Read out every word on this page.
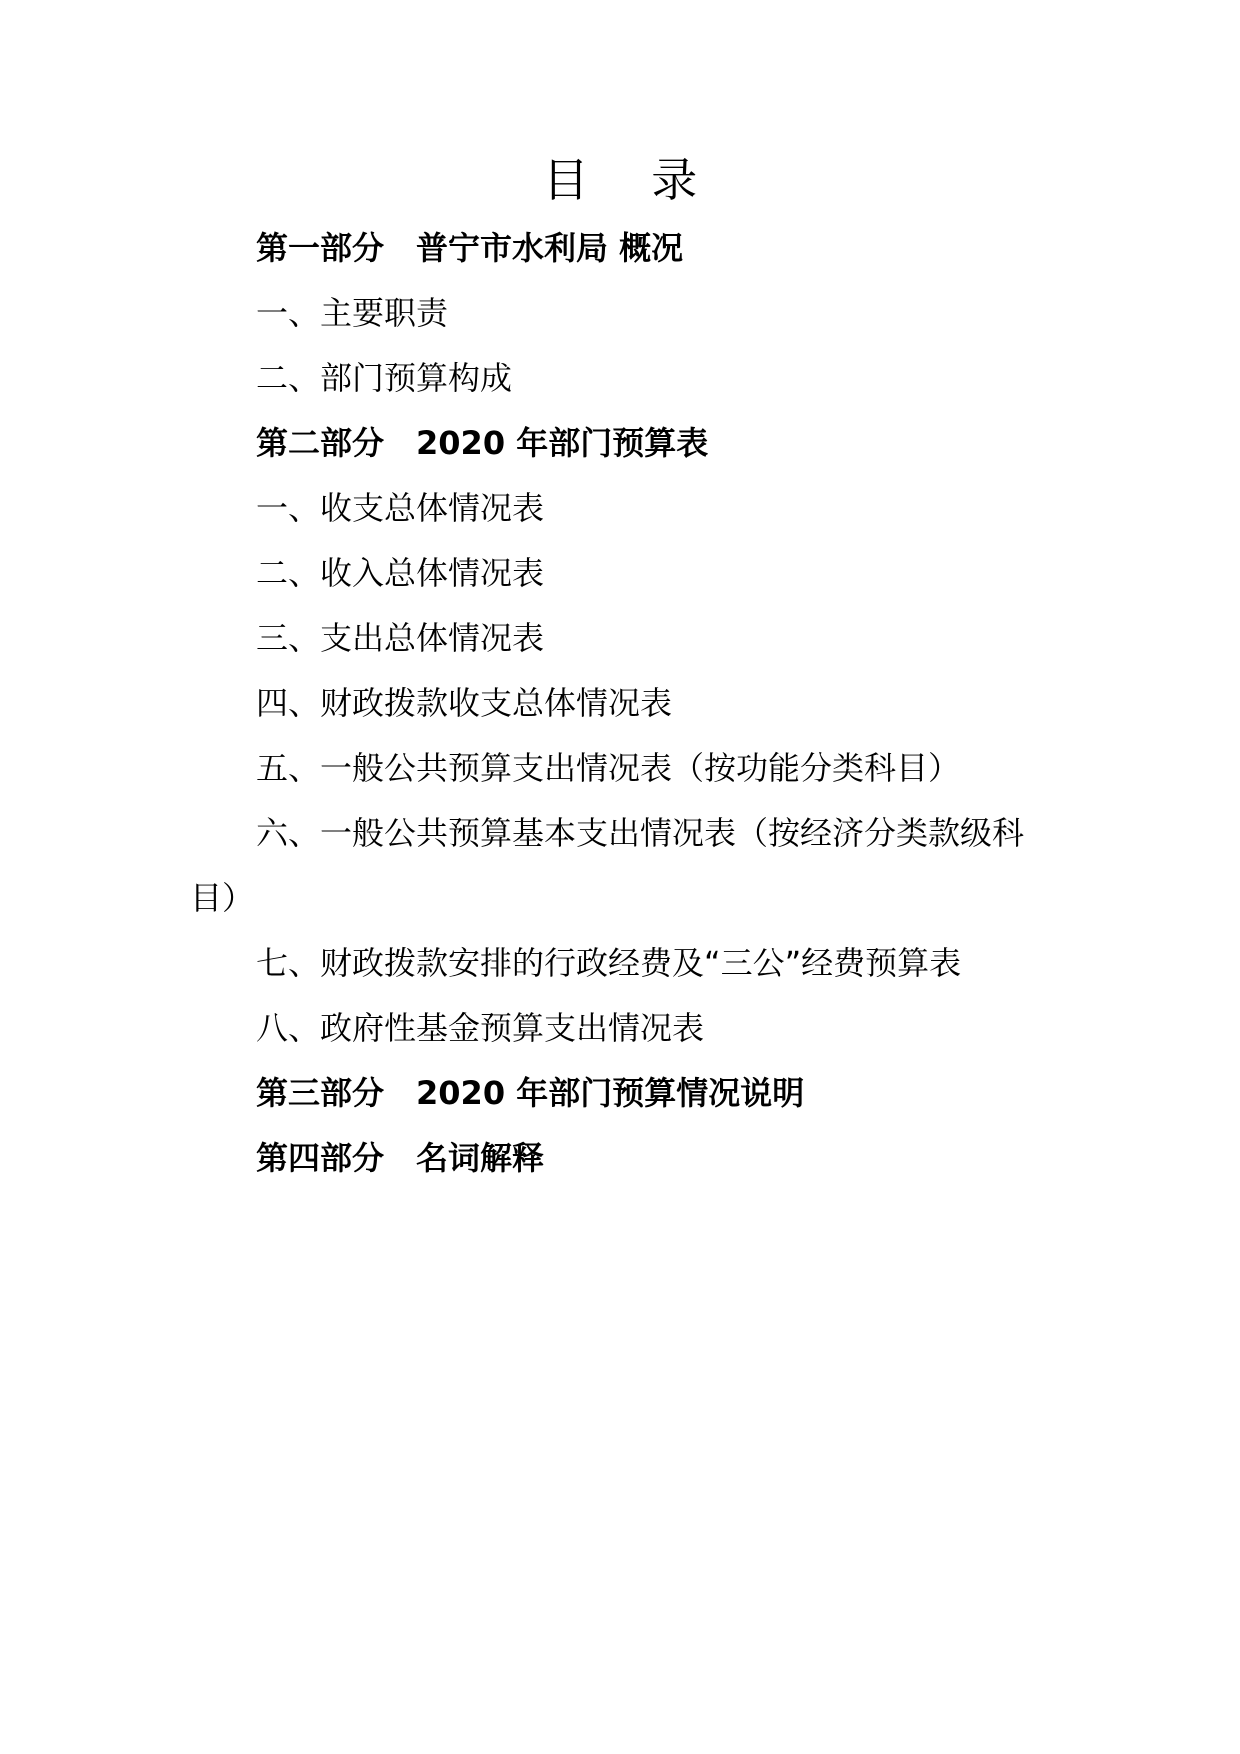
目 录
第一部分 普宁市水利局 概况
一、主要职责
二、部门预算构成
第二部分 2020 年部门预算表
一、收支总体情况表
二、收入总体情况表
三、支出总体情况表
四、财政拨款收支总体情况表
五、一般公共预算支出情况表（按功能分类科目）
六、一般公共预算基本支出情况表（按经济分类款级科
目）
七、财政拨款安排的行政经费及“三公”经费预算表
八、政府性基金预算支出情况表
第三部分 2020 年部门预算情况说明
第四部分 名词解释
